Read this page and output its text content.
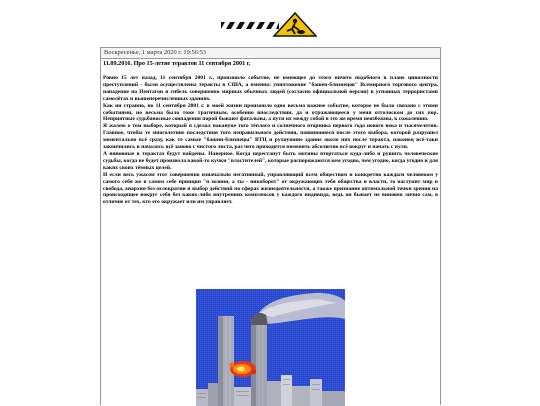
Воскресенье, 1 марта 2020 г. 19:56:53
11.09.2016. Про 15-летие терактов 11 сентября 2001 г.

Ровно 15 лет назад, 11 сентября 2001 г., произошло событие, не имеющее до этого ничего подобного в плане цивилности преступлений - были осуществлены теракты в США, а именно: уничтожение "башен-близнецов" Всемирного торгового центра, нападение на Пентагон и гибель совершенно мирных обычных людей (согласно официальной версии) в угнанных террористами самолётах и вышеперечисленных зданиях.

Как ни странно, но 11 сентября 2001 г. в моей жизни произошло одно весьма важное событие, которое не было связано с этими событиями, но весьма было тоже трагичным, особенно впоследствии, да и отражающееся у меня отголоском до сих пор. Неприятные судьбоносные совпадения порой бывают фатальны, а пути их между собой в это же время неизбежны, к сожалению.

Я жалею о том выборе, который я сделал накануне того тёплого и солнечного вторника первого года нового века и тысячелетия. Главное, чтобы те многолетние последствия того неправильного действия, появившиеся после этого выбора, которой разрушил моментально всё сразу, как те самые "башни-близнецы" ВТЦ и рухнувшие здание около них после теракта, наконец всё-таки закончились и началось всё заново с чистого листа, раз чего приходится поменять абсолютно всё вокруг и начать с нуля.

А виновные в терактах будут найдены. Наверное. Когда перестанут быть мотивы вторгаться куда-либо и рушить человеческие судьбы, когда не будет произвола какой-то кучки "властителей", которые распоряжаются кем угодно, чем угодно, когда угодно и для каких своих тёмных целей.

И если весь ужасом этот совершенно изначально негативный, управляющий всем обществом и конкретно каждым человеком у самого себя же в самом себе принцип "я хозяин, а ты - никоборот" от окружающих тебя общества и власти, то наступит мир и свобода, анархия без охлократии и выбор действий по сферах жизнедеятельности, а также признание оптимальной точки зрения на происходящее вокруг себя без каких-либо внутренних комплексов у каждого индивида, ведь он бывает не виновен лично сам, в отличие от тех, кто его окружает или им управляет.
